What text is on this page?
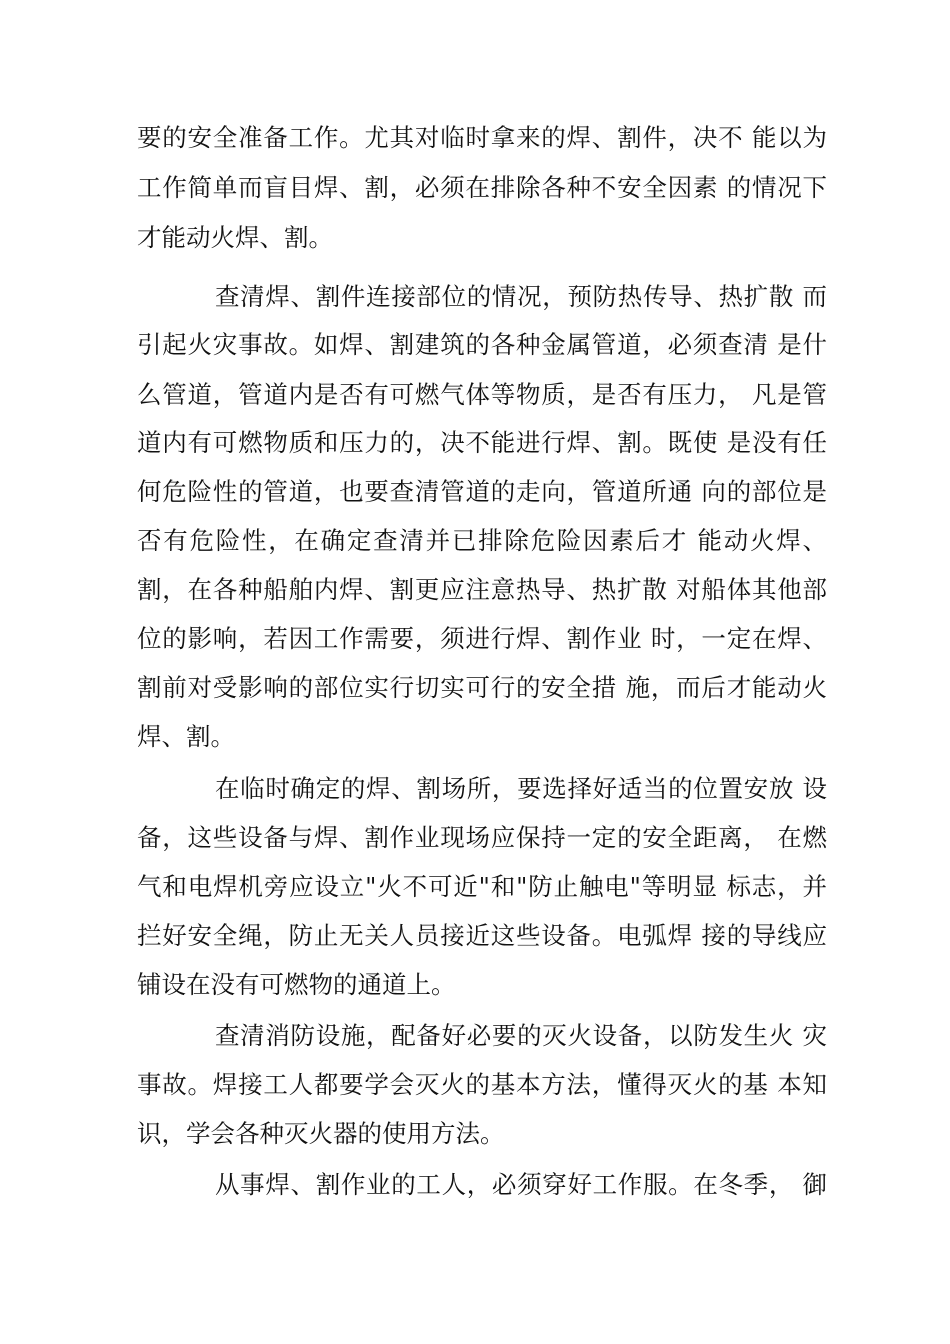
要的安全准备工作。尤其对临时拿来的焊、割件，决不 能以为
工作简单而盲目焊、割，必须在排除各种不安全因素 的情况下
才能动火焊、割。
查清焊、割件连接部位的情况，预防热传导、热扩散 而
引起火灾事故。如焊、割建筑的各种金属管道，必须查清 是什
么管道，管道内是否有可燃气体等物质，是否有压力， 凡是管
道内有可燃物质和压力的，决不能进行焊、割。既使 是没有任
何危险性的管道，也要查清管道的走向，管道所通 向的部位是
否有危险性，在确定查清并已排除危险因素后才 能动火焊、
割，在各种船舶内焊、割更应注意热导、热扩散 对船体其他部
位的影响，若因工作需要，须进行焊、割作业 时，一定在焊、
割前对受影响的部位实行切实可行的安全措 施，而后才能动火
焊、割。
在临时确定的焊、割场所，要选择好适当的位置安放 设
备，这些设备与焊、割作业现场应保持一定的安全距离， 在燃
气和电焊机旁应设立"火不可近"和"防止触电"等明显 标志，并
拦好安全绳，防止无关人员接近这些设备。电弧焊 接的导线应
铺设在没有可燃物的通道上。
查清消防设施，配备好必要的灭火设备，以防发生火 灾
事故。焊接工人都要学会灭火的基本方法，懂得灭火的基 本知
识，学会各种灭火器的使用方法。
从事焊、割作业的工人，必须穿好工作服。在冬季， 御
